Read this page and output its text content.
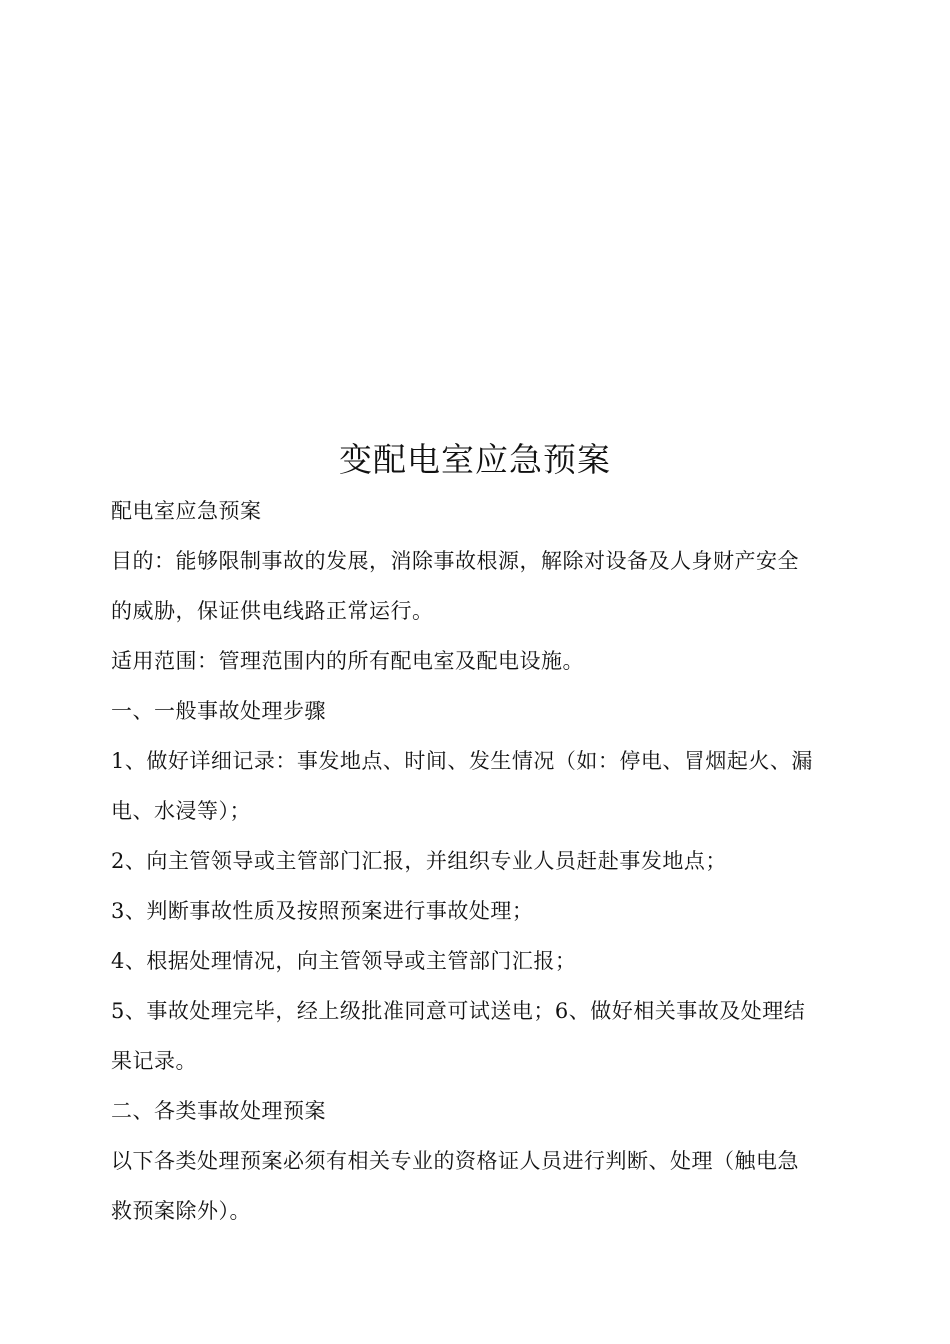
变配电室应急预案

配电室应急预案

目的：能够限制事故的发展，消除事故根源，解除对设备及人身财产安全
的威胁，保证供电线路正常运行。

适用范围：管理范围内的所有配电室及配电设施。

一、一般事故处理步骤

1、做好详细记录：事发地点、时间、发生情况（如：停电、冒烟起火、漏
电、水浸等）；

2、向主管领导或主管部门汇报，并组织专业人员赶赴事发地点；

3、判断事故性质及按照预案进行事故处理；

4、根据处理情况，向主管领导或主管部门汇报；

5、事故处理完毕，经上级批准同意可试送电；6、做好相关事故及处理结
果记录。

二、各类事故处理预案

以下各类处理预案必须有相关专业的资格证人员进行判断、处理（触电急
救预案除外）。
